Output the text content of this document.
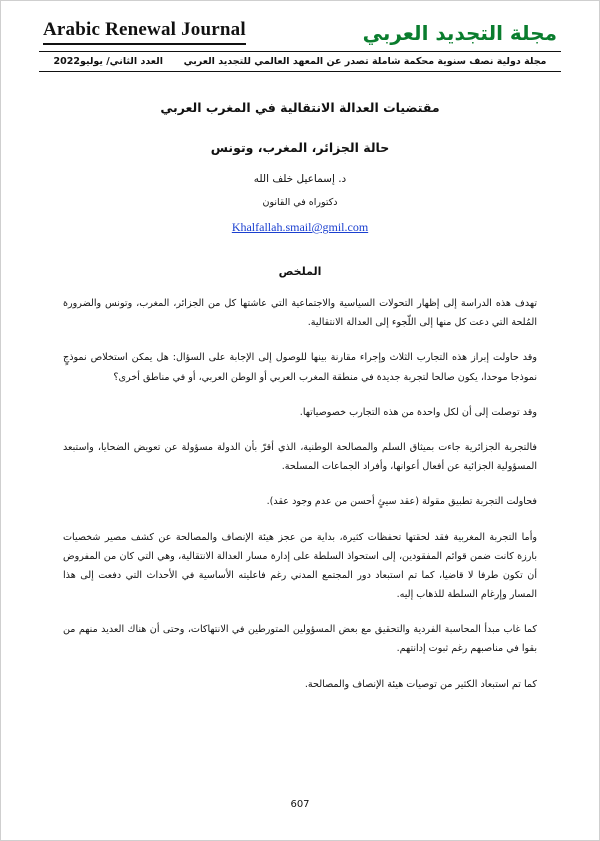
Arabic Renewal Journal	مجلة التجديد العربي
مجلة دولية نصف سنوية محكمة شاملة تصدر عن المعهد العالمي للتجديد العربي  العدد الثاني/ يوليو2022
مقتضيات العدالة الانتقالية في المغرب العربي
حالة الجزائر، المغرب، وتونس
د. إسماعيل خلف الله
دكتوراه في القانون
Khalfallah.smail@gmil.com
الملخص

تهدف هذه الدراسة إلى إظهار التحولات السياسية والاجتماعية التي عاشتها كل من الجزائر، المغرب، وتونس والضرورة المُلحة التي دعت كل منها إلى اللّجوء إلى العدالة الانتقالية.

وقد حاولت إبراز هذه التجارب الثلاث وإجراء مقارنة بينها للوصول إلى الإجابة على السؤال: هل يمكن استخلاص نموذجٍ نموذجا موحدا، يكون صالحا لتجربة جديدة في منطقة المغرب العربي أو الوطن العربي، أو في مناطق أخرى؟

وقد توصلت إلى أن لكل واحدة من هذه التجارب خصوصياتها.

فالتجربة الجزائرية جاءت بميثاق السلم والمصالحة الوطنية، الذي أقرّ بأن الدولة مسؤولة عن تعويض الضحايا، واستبعد المسؤولية الجزائية عن أفعال أعوانها، وأفراد الجماعات المسلحة.

فحاولت التجربة تطبيق مقولة (عقد سيئٍ أحسن من عدم وجود عقد).

وأما التجربة المغربية فقد لحقتها تحفظات كثيرة، بداية من عجز هيئة الإنصاف والمصالحة عن كشف مصير شخصيات بارزة كانت ضمن قوائم المفقودين، إلى استحواذ السلطة على إدارة مسار العدالة الانتقالية، وهي التي كان من المفروض أن تكون طرفا لا قاضيا، كما تم استبعاد دور المجتمع المدني رغم فاعليته الأساسية في الأحداث التي دفعت إلى هذا المسار وإرغام السلطة للذهاب إليه.

كما غاب مبدأ المحاسبة الفردية والتحقيق مع بعض المسؤولين المتورطين في الانتهاكات، وحتى أن هناك العديد منهم من بقوا في مناصبهم رغم ثبوت إدانتهم.

كما تم استبعاد الكثير من توصيات هيئة الإنصاف والمصالحة.

607
